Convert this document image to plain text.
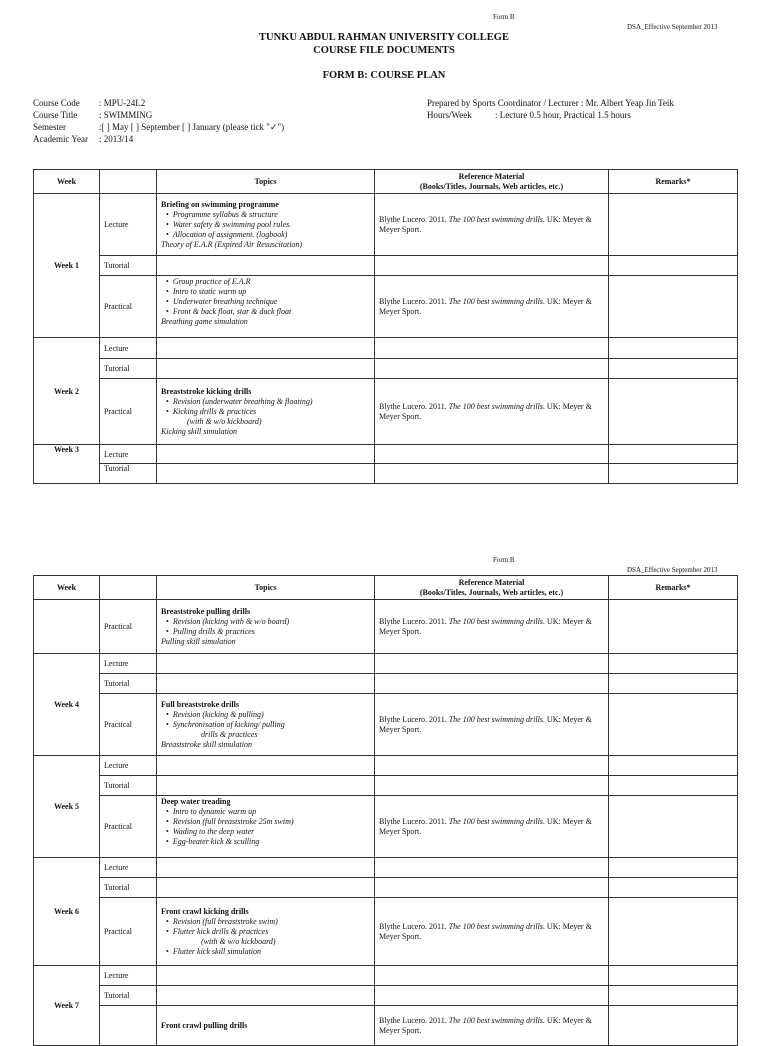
Form B
DSA_Effective September 2013
TUNKU ABDUL RAHMAN UNIVERSITY COLLEGE
COURSE FILE DOCUMENTS
FORM B: COURSE PLAN
Course Code	: MPU-24L2
Course Title	: SWIMMING
Semester	:[ ] May [ ] September [ ] January (please tick "✓")
Academic Year	: 2013/14
Prepared by Sports Coordinator / Lecturer : Mr. Albert Yeap Jin Teik
Hours/Week	: Lecture 0.5 hour, Practical 1.5 hours
Week		Topics	Reference Material
(Books/Titles, Journals, Web articles, etc.)	Remarks*
Week 1	Lecture	Briefing on swimming programme
• Programme syllabus & structure
• Water safety & swimming pool rules.
• Allocation of assignment. (logbook)
Theory of E.A.R (Expired Air Resuscitation)	Blythe Lucero. 2011. The 100 best swimming drills. UK: Meyer & Meyer Sport.	
	Tutorial			
	Practical	• Group practice of E.A.R
• Intro to static warm up
• Underwater breathing technique
• Front & back float, star & duck float
Breathing game simulation	Blythe Lucero. 2011. The 100 best swimming drills. UK: Meyer & Meyer Sport.	
Week 2	Lecture			
	Tutorial			
	Practical	Breaststroke kicking drills
• Revision (underwater breathing & floating)
• Kicking drills & practices
(with & w/o kickboard)
Kicking skill simulation	Blythe Lucero. 2011. The 100 best swimming drills. UK: Meyer & Meyer Sport.	
Week 3	Lecture			
	Tutorial			
Form B
DSA_Effective September 2013
Week		Topics	Reference Material
(Books/Titles, Journals, Web articles, etc.)	Remarks*
	Practical	Breaststroke pulling drills
• Revision (kicking with & w/o board)
• Pulling drills & practices
Pulling skill simulation	Blythe Lucero. 2011. The 100 best swimming drills. UK: Meyer & Meyer Sport.	
Week 4	Lecture			
	Tutorial			
	Practical	Full breaststroke drills
• Revision (kicking & pulling)
• Synchronisation of kicking/ pulling
drills & practices
Breaststroke skill simulation	Blythe Lucero. 2011. The 100 best swimming drills. UK: Meyer & Meyer Sport.	
Week 5	Lecture			
	Tutorial			
	Practical	Deep water treading
• Intro to dynamic warm up
• Revision (full breaststroke 25m swim)
• Wading to the deep water
• Egg-beater kick & sculling	Blythe Lucero. 2011. The 100 best swimming drills. UK: Meyer & Meyer Sport.	
Week 6	Lecture			
	Tutorial			
	Practical	Front crawl kicking drills
• Revision (full breaststroke swim)
• Flutter kick drills & practices
(with & w/o kickboard)
• Flutter kick skill simulation	Blythe Lucero. 2011. The 100 best swimming drills. UK: Meyer & Meyer Sport.	
Week 7	Lecture			
	Tutorial			

		Front crawl pulling drills	Blythe Lucero. 2011. The 100 best swimming drills. UK: Meyer & Meyer Sport.	
